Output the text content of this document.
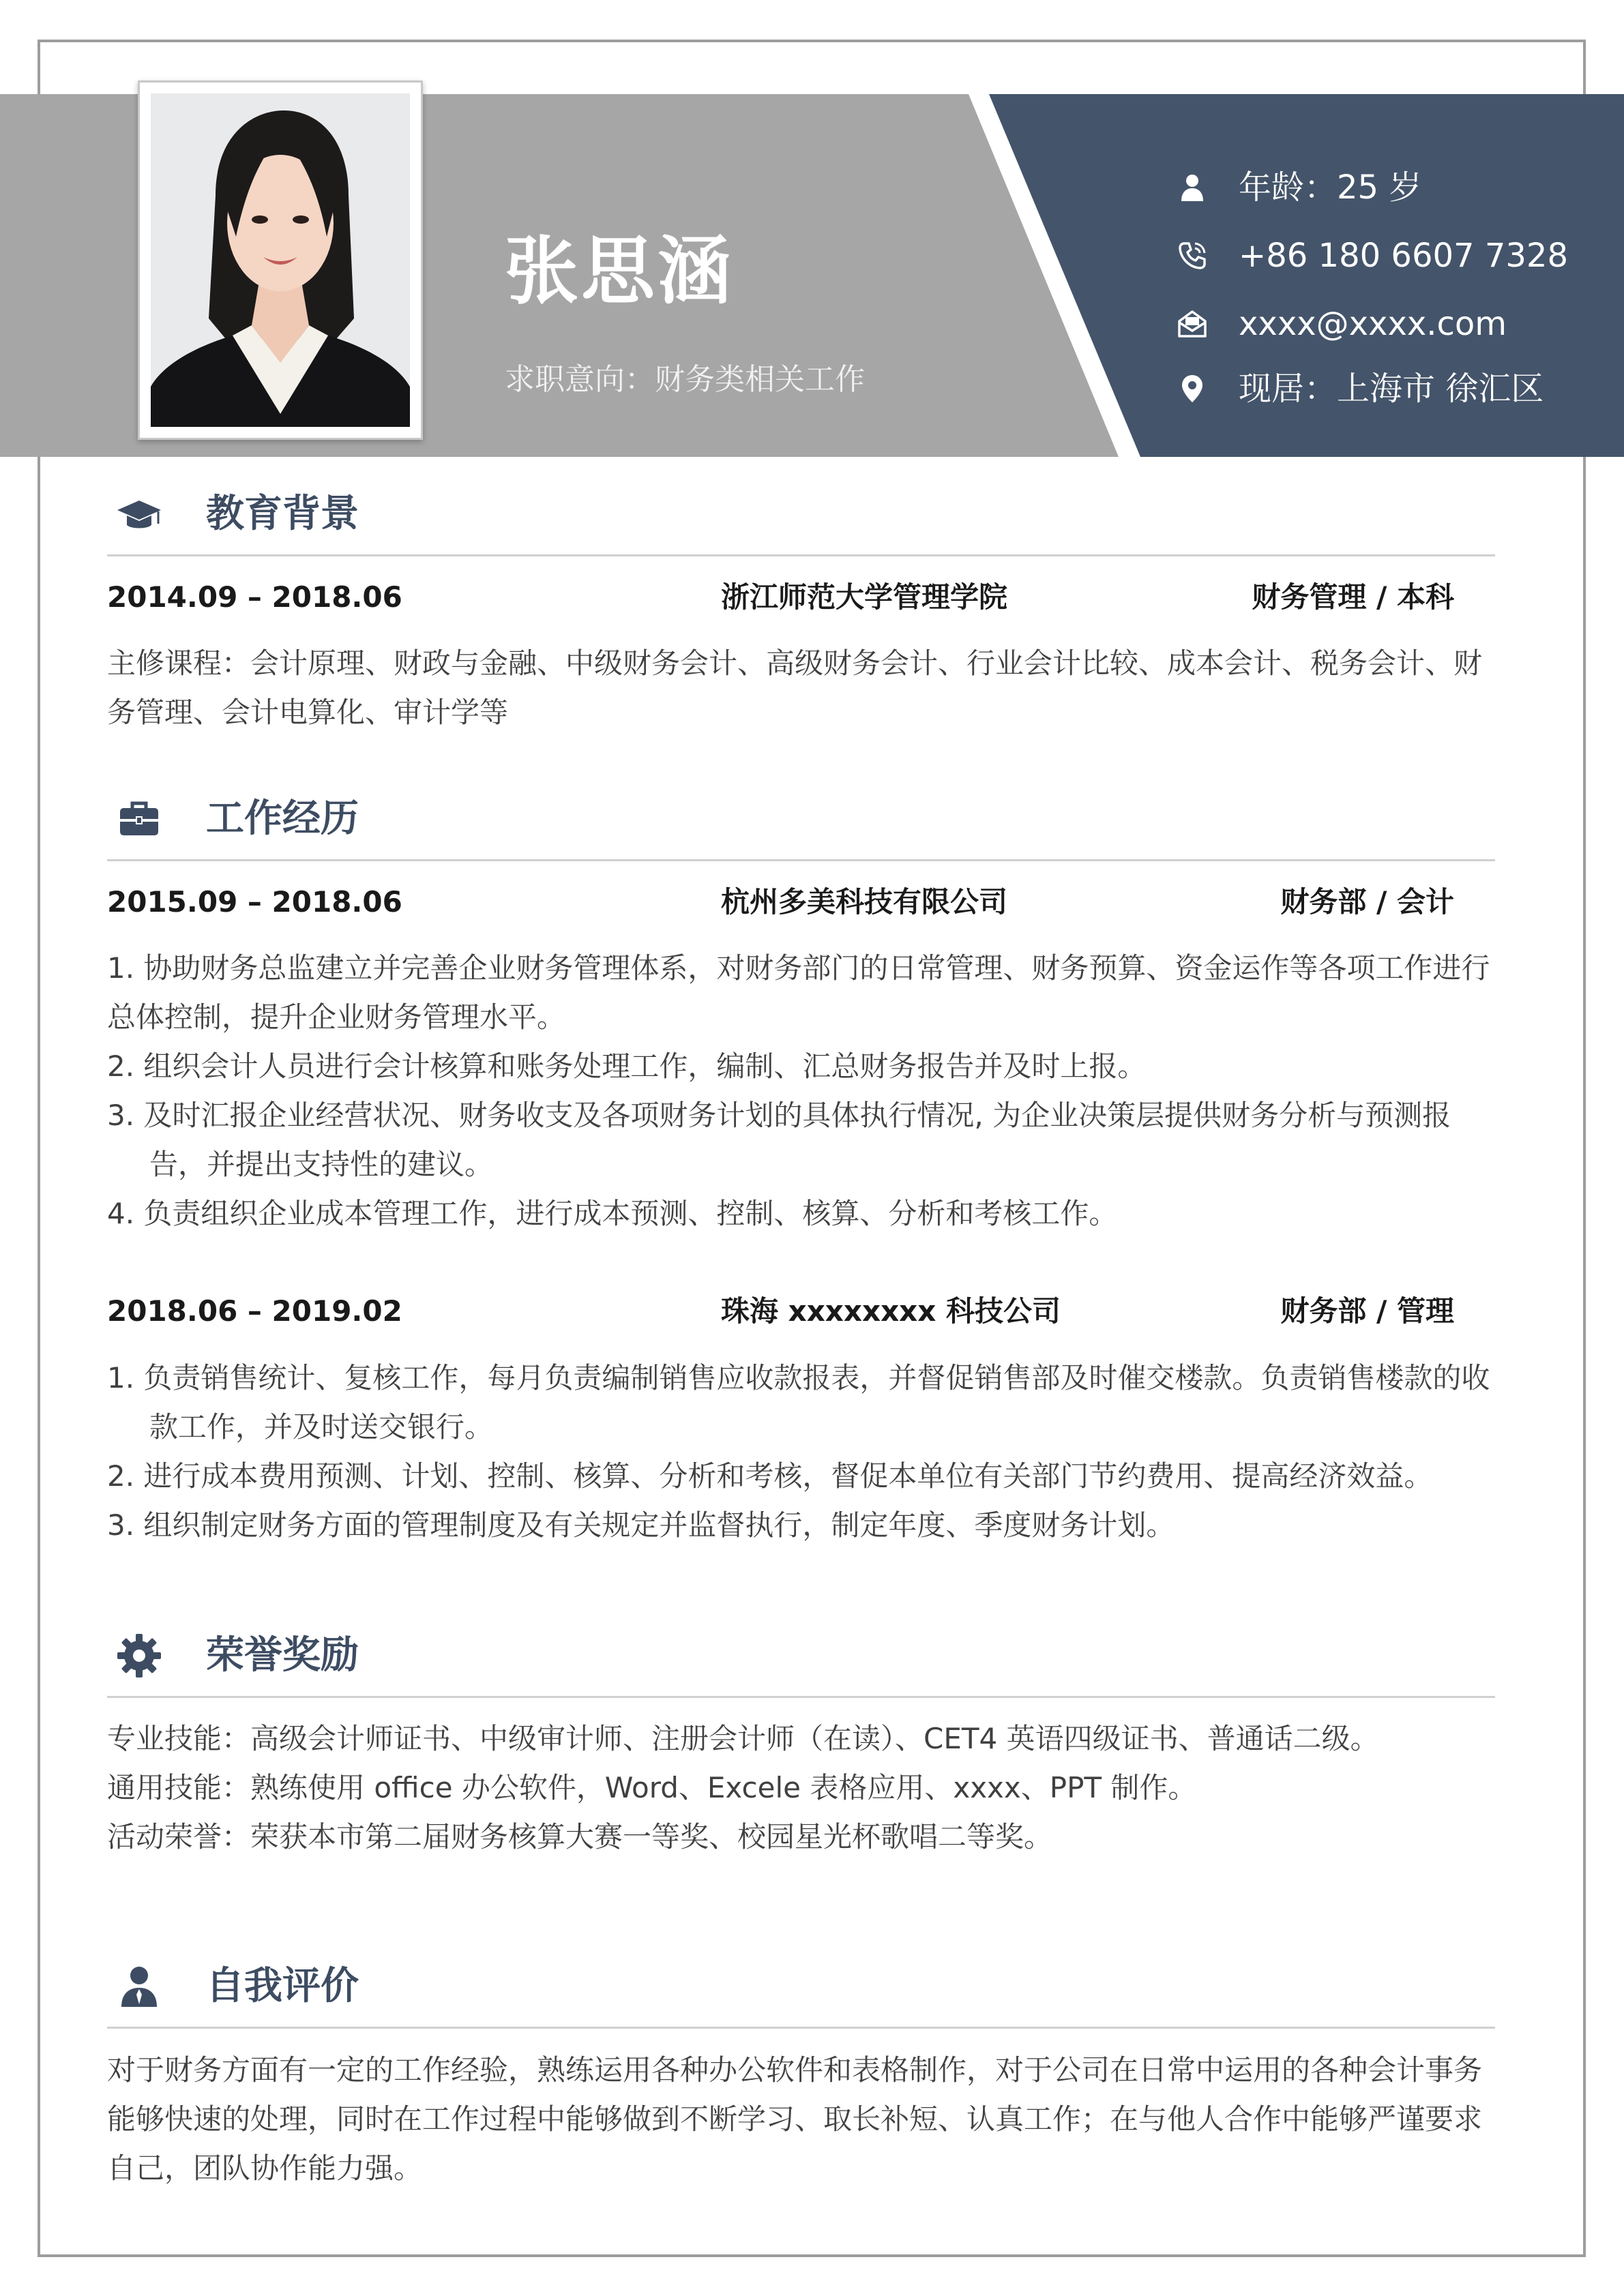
张思涵
求职意向：财务类相关工作
年龄：25 岁
+86 180 6607 7328
xxxx@xxxx.com
现居：上海市 徐汇区
教育背景
2014.09 – 2018.06	浙江师范大学管理学院	财务管理 / 本科

主修课程：会计原理、财政与金融、中级财务会计、高级财务会计、行业会计比较、成本会计、税务会计、财务管理、会计电算化、审计学等

工作经历
2015.09 – 2018.06	杭州多美科技有限公司	财务部 / 会计
1. 协助财务总监建立并完善企业财务管理体系，对财务部门的日常管理、财务预算、资金运作等各项工作进行总体控制，提升企业财务管理水平。
2. 组织会计人员进行会计核算和账务处理工作，编制、汇总财务报告并及时上报。
3. 及时汇报企业经营状况、财务收支及各项财务计划的具体执行情况, 为企业决策层提供财务分析与预测报告，并提出支持性的建议。
4. 负责组织企业成本管理工作，进行成本预测、控制、核算、分析和考核工作。
2018.06 – 2019.02	珠海 xxxxxxxx 科技公司	财务部 / 管理
1. 负责销售统计、复核工作，每月负责编制销售应收款报表，并督促销售部及时催交楼款。负责销售楼款的收款工作，并及时送交银行。
2. 进行成本费用预测、计划、控制、核算、分析和考核，督促本单位有关部门节约费用、提高经济效益。
3. 组织制定财务方面的管理制度及有关规定并监督执行，制定年度、季度财务计划。
荣誉奖励
专业技能：高级会计师证书、中级审计师、注册会计师（在读）、CET4 英语四级证书、普通话二级。
通用技能：熟练使用 office 办公软件，Word、Excele 表格应用、xxxx、PPT 制作。
活动荣誉：荣获本市第二届财务核算大赛一等奖、校园星光杯歌唱二等奖。
自我评价

对于财务方面有一定的工作经验，熟练运用各种办公软件和表格制作，对于公司在日常中运用的各种会计事务能够快速的处理，同时在工作过程中能够做到不断学习、取长补短、认真工作；在与他人合作中能够严谨要求自己，团队协作能力强。
